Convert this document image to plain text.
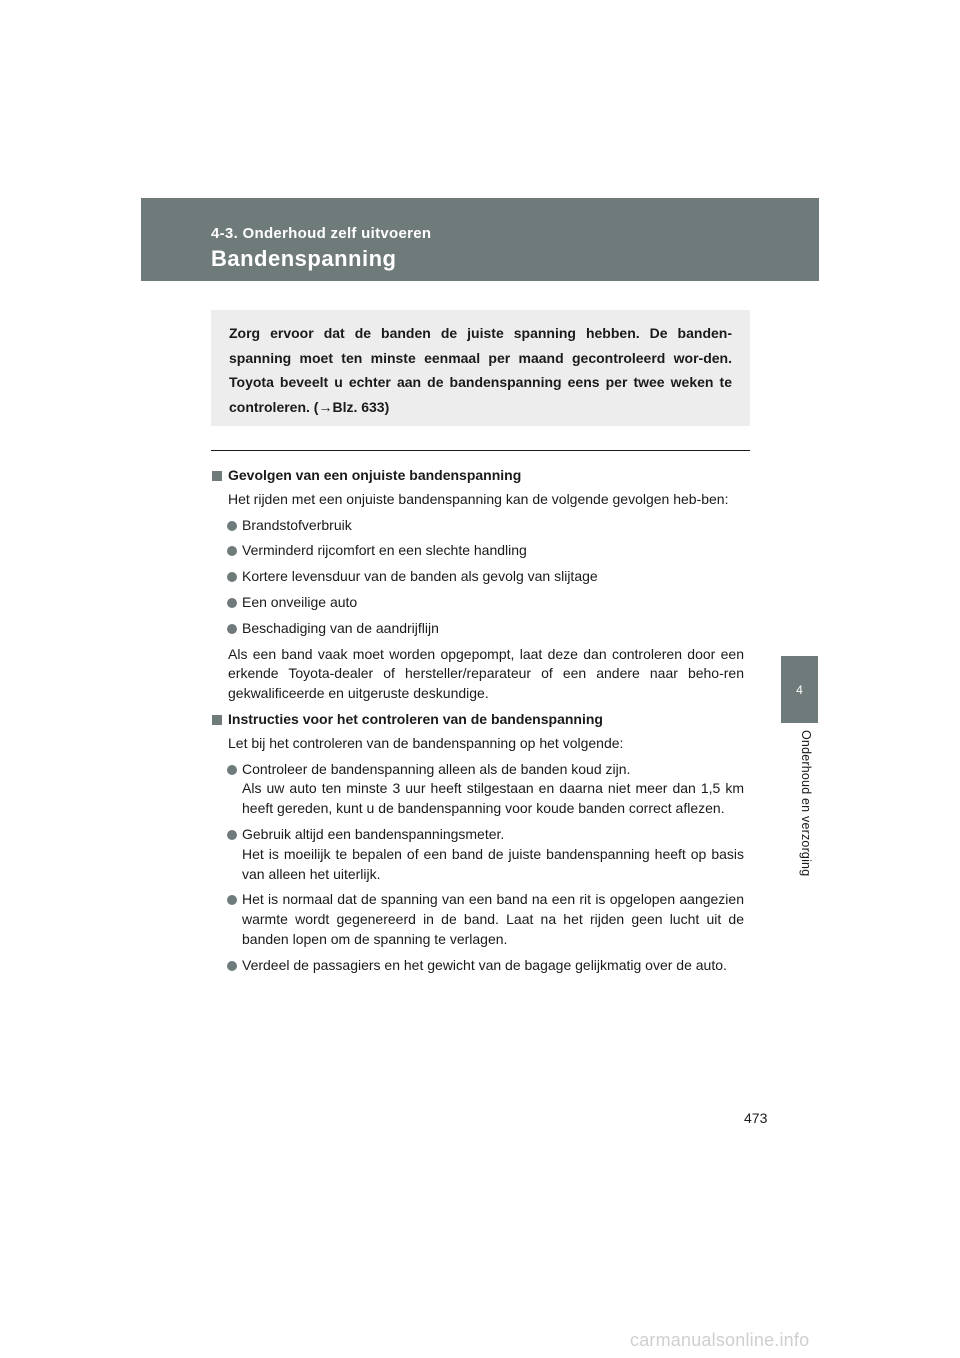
4-3. Onderhoud zelf uitvoeren
Bandenspanning
4
Onderhoud en verzorging
Zorg ervoor dat de banden de juiste spanning hebben. De banden-spanning moet ten minste eenmaal per maand gecontroleerd wor-den. Toyota beveelt u echter aan de bandenspanning eens per twee weken te controleren. (→Blz. 633)
Gevolgen van een onjuiste bandenspanning
Het rijden met een onjuiste bandenspanning kan de volgende gevolgen heb-ben:
Brandstofverbruik
Verminderd rijcomfort en een slechte handling
Kortere levensduur van de banden als gevolg van slijtage
Een onveilige auto
Beschadiging van de aandrijflijn
Als een band vaak moet worden opgepompt, laat deze dan controleren door een erkende Toyota-dealer of hersteller/reparateur of een andere naar beho-ren gekwalificeerde en uitgeruste deskundige.
Instructies voor het controleren van de bandenspanning
Let bij het controleren van de bandenspanning op het volgende:
Controleer de bandenspanning alleen als de banden koud zijn.
Als uw auto ten minste 3 uur heeft stilgestaan en daarna niet meer dan 1,5 km heeft gereden, kunt u de bandenspanning voor koude banden correct aflezen.
Gebruik altijd een bandenspanningsmeter.
Het is moeilijk te bepalen of een band de juiste bandenspanning heeft op basis van alleen het uiterlijk.
Het is normaal dat de spanning van een band na een rit is opgelopen aangezien warmte wordt gegenereerd in de band. Laat na het rijden geen lucht uit de banden lopen om de spanning te verlagen.
Verdeel de passagiers en het gewicht van de bagage gelijkmatig over de auto.
473
carmanualsonline.info
